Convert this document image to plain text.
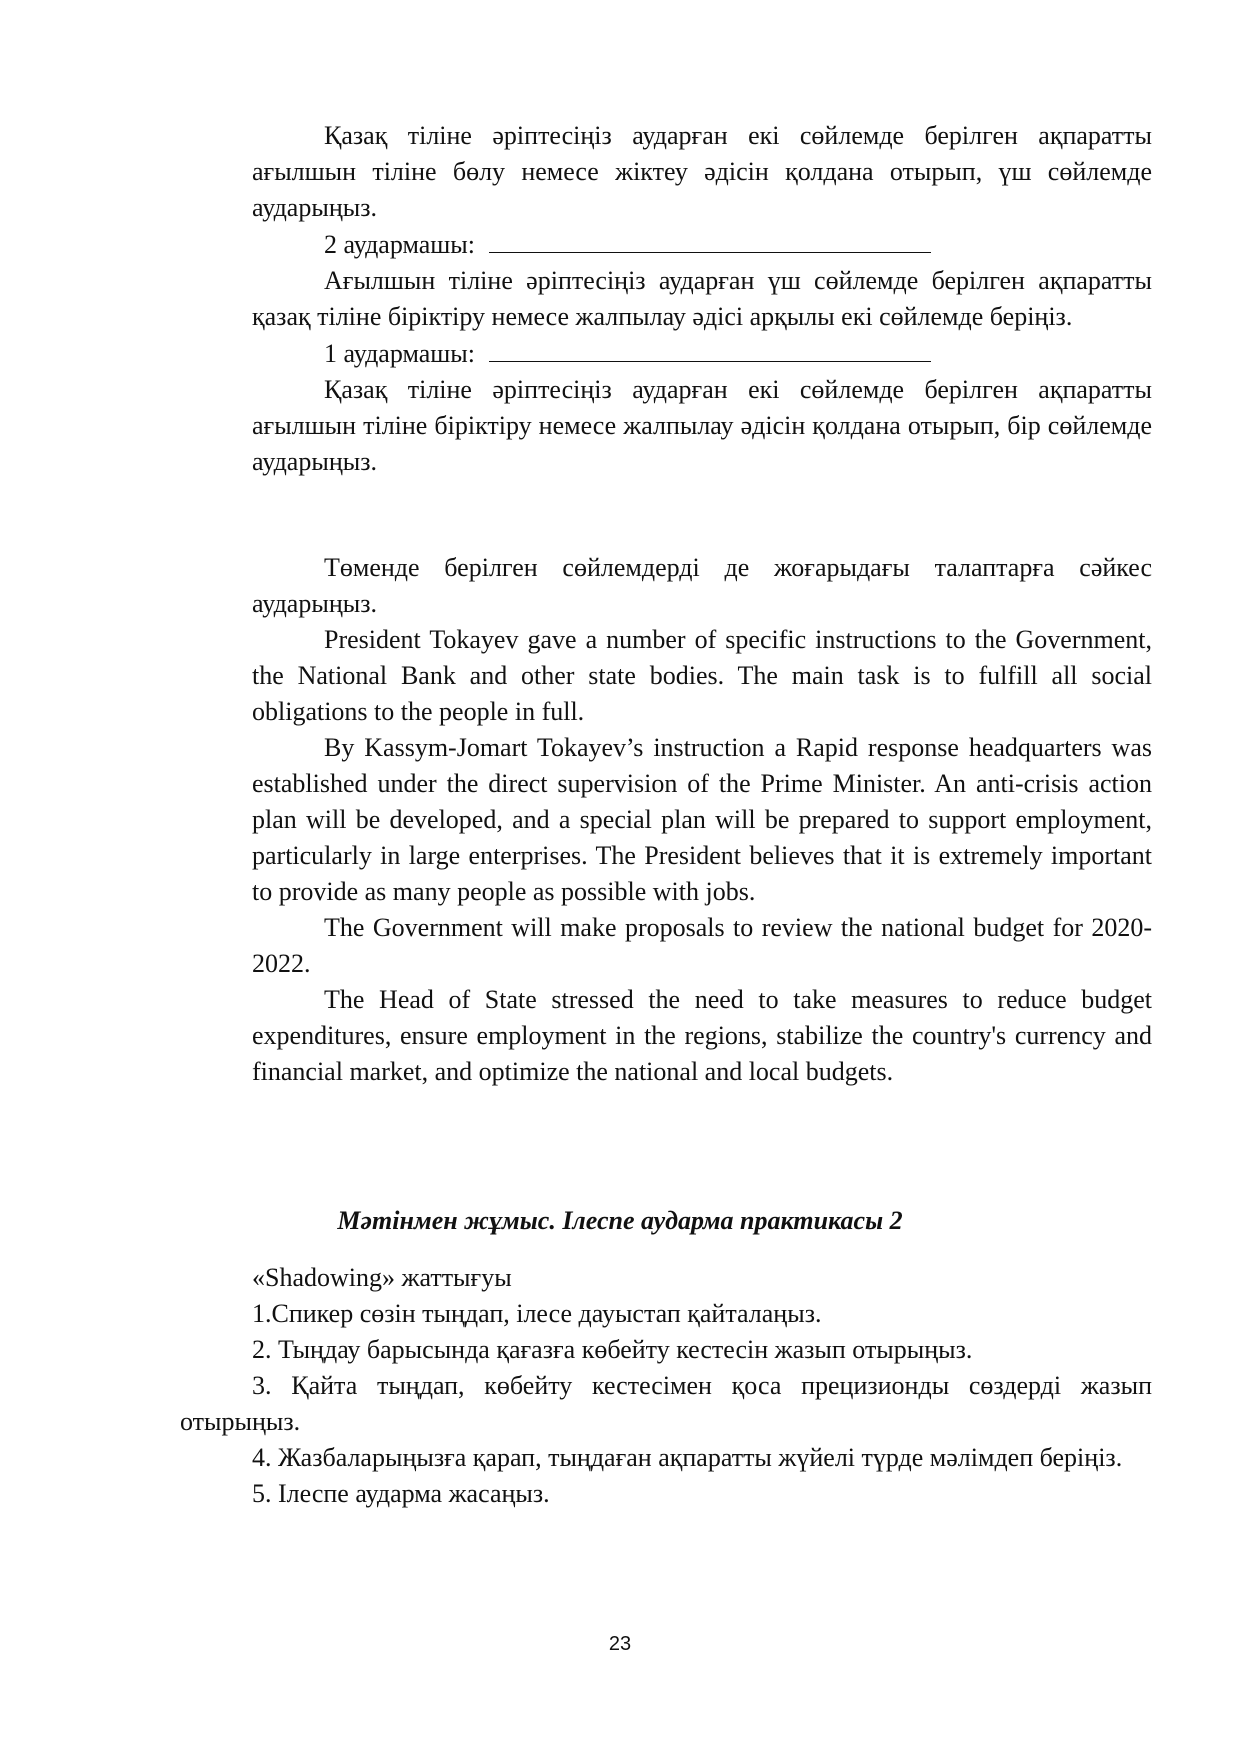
Қазақ тіліне әріптесіңіз аударған екі сөйлемде берілген ақпаратты ағылшын тіліне бөлу немесе жіктеу әдісін қолдана отырып, үш сөйлемде аударыңыз.

2 аудармашы:

Ағылшын тіліне әріптесіңіз аударған үш сөйлемде берілген ақпаратты қазақ тіліне біріктіру немесе жалпылау әдісі арқылы екі сөйлемде беріңіз.

1 аудармашы:

Қазақ тіліне әріптесіңіз аударған екі сөйлемде берілген ақпаратты ағылшын тіліне біріктіру немесе жалпылау әдісін қолдана отырып, бір сөйлемде аударыңыз.

Төменде берілген сөйлемдерді де жоғарыдағы талаптарға сәйкес аударыңыз.

President Tokayev gave a number of specific instructions to the Government, the National Bank and other state bodies. The main task is to fulfill all social obligations to the people in full.

By Kassym-Jomart Tokayev’s instruction a Rapid response headquarters was established under the direct supervision of the Prime Minister. An anti-crisis action plan will be developed, and a special plan will be prepared to support employment, particularly in large enterprises. The President believes that it is extremely important to provide as many people as possible with jobs.

The Government will make proposals to review the national budget for 2020-2022.

The Head of State stressed the need to take measures to reduce budget expenditures, ensure employment in the regions, stabilize the country's currency and financial market, and optimize the national and local budgets.

Мәтінмен жұмыс. Ілеспе аударма практикасы 2

«Shadowing» жаттығуы

1.Спикер сөзін тыңдап, ілесе дауыстап қайталаңыз.

2. Тыңдау барысында қағазға көбейту кестесін жазып отырыңыз.

3. Қайта тыңдап, көбейту кестесімен қоса прецизионды сөздерді жазып отырыңыз.

4. Жазбаларыңызға қарап, тыңдаған ақпаратты жүйелі түрде мәлімдеп беріңіз.

5. Ілеспе аударма жасаңыз.

23
